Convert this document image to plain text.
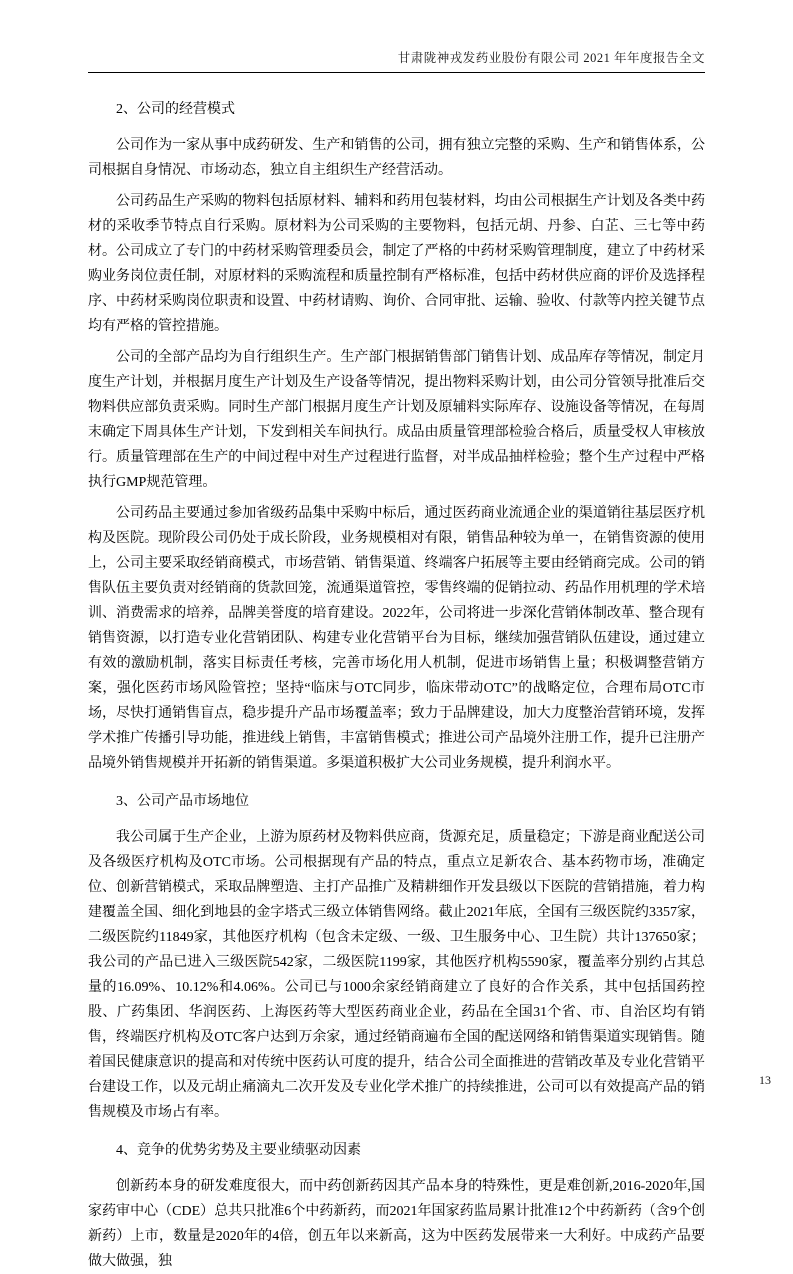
甘肃陇神戎发药业股份有限公司 2021 年年度报告全文
2、公司的经营模式

公司作为一家从事中成药研发、生产和销售的公司，拥有独立完整的采购、生产和销售体系，公司根据自身情况、市场动态，独立自主组织生产经营活动。

公司药品生产采购的物料包括原材料、辅料和药用包装材料，均由公司根据生产计划及各类中药材的采收季节特点自行采购。原材料为公司采购的主要物料，包括元胡、丹参、白芷、三七等中药材。公司成立了专门的中药材采购管理委员会，制定了严格的中药材采购管理制度，建立了中药材采购业务岗位责任制，对原材料的采购流程和质量控制有严格标准，包括中药材供应商的评价及选择程序、中药材采购岗位职责和设置、中药材请购、询价、合同审批、运输、验收、付款等内控关键节点均有严格的管控措施。

公司的全部产品均为自行组织生产。生产部门根据销售部门销售计划、成品库存等情况，制定月度生产计划，并根据月度生产计划及生产设备等情况，提出物料采购计划，由公司分管领导批准后交物料供应部负责采购。同时生产部门根据月度生产计划及原辅料实际库存、设施设备等情况，在每周末确定下周具体生产计划，下发到相关车间执行。成品由质量管理部检验合格后，质量受权人审核放行。质量管理部在生产的中间过程中对生产过程进行监督，对半成品抽样检验；整个生产过程中严格执行GMP规范管理。

公司药品主要通过参加省级药品集中采购中标后，通过医药商业流通企业的渠道销往基层医疗机构及医院。现阶段公司仍处于成长阶段，业务规模相对有限，销售品种较为单一，在销售资源的使用上，公司主要采取经销商模式，市场营销、销售渠道、终端客户拓展等主要由经销商完成。公司的销售队伍主要负责对经销商的货款回笼，流通渠道管控，零售终端的促销拉动、药品作用机理的学术培训、消费需求的培养，品牌美誉度的培育建设。2022年，公司将进一步深化营销体制改革、整合现有销售资源，以打造专业化营销团队、构建专业化营销平台为目标，继续加强营销队伍建设，通过建立有效的激励机制，落实目标责任考核，完善市场化用人机制，促进市场销售上量；积极调整营销方案，强化医药市场风险管控；坚持“临床与OTC同步，临床带动OTC”的战略定位，合理布局OTC市场，尽快打通销售盲点，稳步提升产品市场覆盖率；致力于品牌建设，加大力度整治营销环境，发挥学术推广传播引导功能，推进线上销售，丰富销售模式；推进公司产品境外注册工作，提升已注册产品境外销售规模并开拓新的销售渠道。多渠道积极扩大公司业务规模，提升利润水平。

3、公司产品市场地位

我公司属于生产企业，上游为原药材及物料供应商，货源充足，质量稳定；下游是商业配送公司及各级医疗机构及OTC市场。公司根据现有产品的特点，重点立足新农合、基本药物市场，准确定位、创新营销模式，采取品牌塑造、主打产品推广及精耕细作开发县级以下医院的营销措施，着力构建覆盖全国、细化到地县的金字塔式三级立体销售网络。截止2021年底，全国有三级医院约3357家，二级医院约11849家，其他医疗机构（包含未定级、一级、卫生服务中心、卫生院）共计137650家；我公司的产品已进入三级医院542家，二级医院1199家，其他医疗机构5590家，覆盖率分别约占其总量的16.09%、10.12%和4.06%。公司已与1000余家经销商建立了良好的合作关系，其中包括国药控股、广药集团、华润医药、上海医药等大型医药商业企业，药品在全国31个省、市、自治区均有销售，终端医疗机构及OTC客户达到万余家，通过经销商遍布全国的配送网络和销售渠道实现销售。随着国民健康意识的提高和对传统中医药认可度的提升，结合公司全面推进的营销改革及专业化营销平台建设工作，以及元胡止痛滴丸二次开发及专业化学术推广的持续推进，公司可以有效提高产品的销售规模及市场占有率。

4、竞争的优势劣势及主要业绩驱动因素

创新药本身的研发难度很大，而中药创新药因其产品本身的特殊性，更是难创新,2016-2020年,国家药审中心（CDE）总共只批准6个中药新药，而2021年国家药监局累计批准12个中药新药（含9个创新药）上市，数量是2020年的4倍，创五年以来新高，这为中医药发展带来一大利好。中成药产品要做大做强，独

13
